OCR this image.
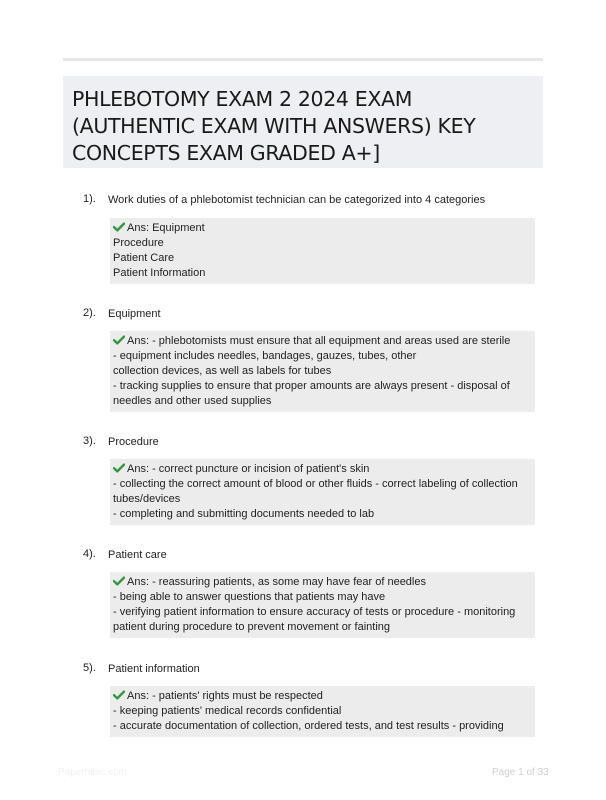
PHLEBOTOMY EXAM 2 2024 EXAM (AUTHENTIC EXAM WITH ANSWERS) KEY CONCEPTS EXAM GRADED A+]
1). Work duties of a phlebotomist technician can be categorized into 4 categories

Ans: Equipment

Procedure

Patient Care

Patient Information

2). Equipment

Ans: - phlebotomists must ensure that all equipment and areas used are sterile

- equipment includes needles, bandages, gauzes, tubes, other

collection devices, as well as labels for tubes

- tracking supplies to ensure that proper amounts are always present - disposal of

needles and other used supplies

3). Procedure

Ans: - correct puncture or incision of patient's skin

- collecting the correct amount of blood or other fluids - correct labeling of collection

tubes/devices

- completing and submitting documents needed to lab

4). Patient care

Ans: - reassuring patients, as some may have fear of needles

- being able to answer questions that patients may have

- verifying patient information to ensure accuracy of tests or procedure - monitoring

patient during procedure to prevent movement or fainting

5). Patient information

Ans: - patients' rights must be respected

- keeping patients' medical records confidential

- accurate documentation of collection, ordered tests, and test results - providing

Paperhibic.com	Page 1 of 33
